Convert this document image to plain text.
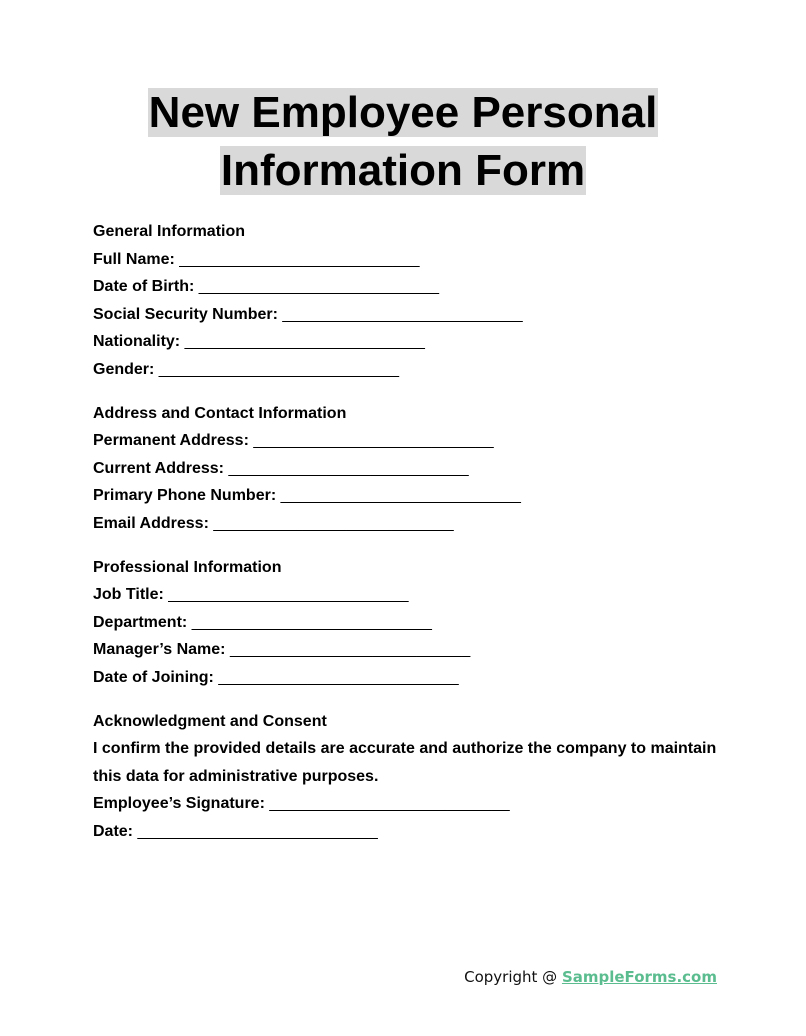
New Employee Personal
Information Form

General Information

Full Name: ___________________________

Date of Birth: ___________________________

Social Security Number: ___________________________

Nationality: ___________________________

Gender: ___________________________

Address and Contact Information

Permanent Address: ___________________________

Current Address: ___________________________

Primary Phone Number: ___________________________

Email Address: ___________________________

Professional Information

Job Title: ___________________________

Department: ___________________________

Manager’s Name: ___________________________

Date of Joining: ___________________________

Acknowledgment and Consent

I confirm the provided details are accurate and authorize the company to maintain this data for administrative purposes.

Employee’s Signature: ___________________________

Date: ___________________________

Copyright @ SampleForms.com
